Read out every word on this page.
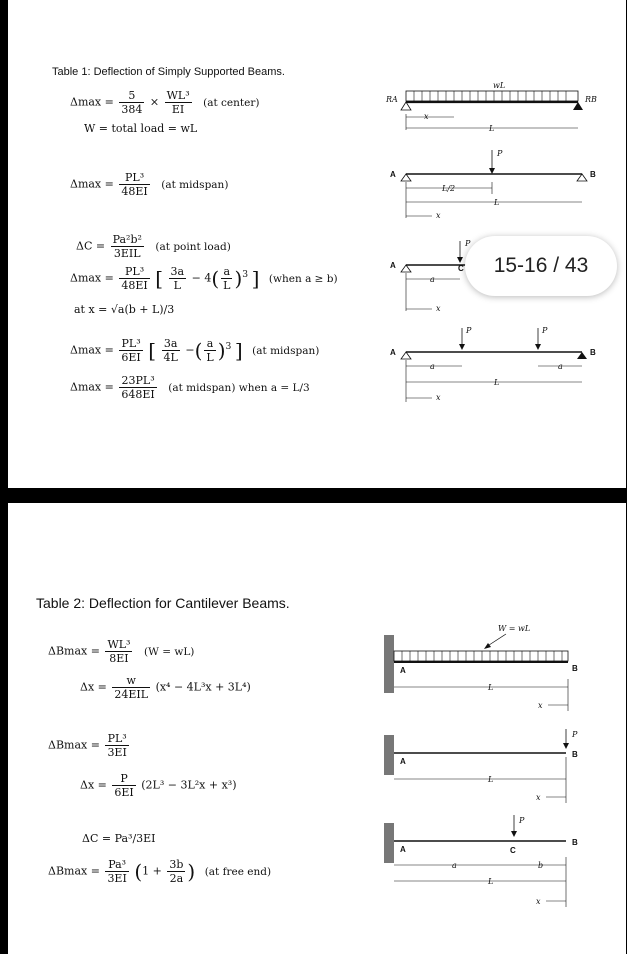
Table 1: Deflection of Simply Supported Beams.
$\Delta\max = \frac{5}{384} \times \frac{\text{WL³}}{EI} (at$ center)
W = total load = wL
$\Delta\max = \frac{\text{PL³}}{48EI} (at$ midspan)
$\Delta C = \frac{\text{Pa²b²}}{\text{3EIL}} (at$ point load)
$\Delta\max = \frac{\text{PL³}}{48EI}$ [ $\frac{3a}{L} - 4( \frac{a}{L} )^3$ ] (when a ≥ b)
at x = √a(b + L)/3
$\Delta\max = \frac{\text{PL³}}{6EI}$ [ $\frac{3a}{4L}$ −( $\frac{a}{L} )^3$ ] (at midspan)
$\Delta\max = \frac{\text{23PL³}}{648EI} (at$ midspan) when a = L/3
wL
RA	RB
x
L
P
A	B
L/2
L
x
P
A	C
a
x
P	P
A	B
a	a
L
x
15-16 / 43
Table 2: Deflection for Cantilever Beams.
$\Delta Bmax = \frac{\text{WL³}}{8EI} (W = wL)$
$\Delta x = \frac{w}{\text{24EIL}} (x^4 - 4L^3x + 3L^4)$
$\Delta Bmax = \frac{\text{PL³}}{3EI}$
$\Delta x = \frac{P}{6EI} (2L^3 - 3L^2x + x^3)$
ΔC = Pa³/3EI
$\Delta Bmax = \frac{\text{Pa³}}{3EI} (1 + \frac{3b}{2a}$ ) (at free end)
W = wL
A	B
L
x
P
A
B
L
x
P
A	C
B
a	b
L
x
